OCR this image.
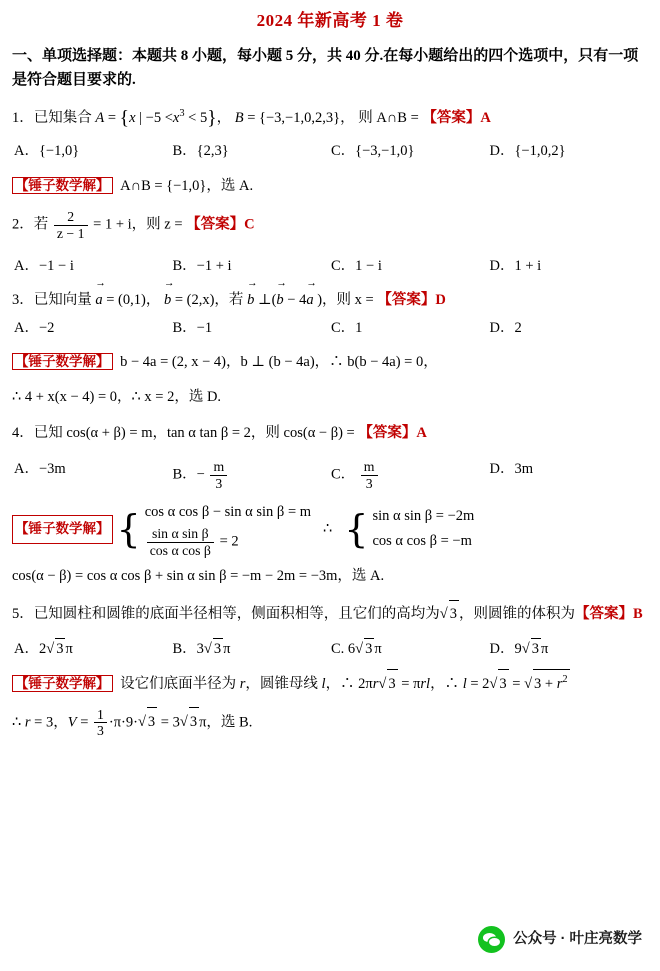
2024 年新高考 1 卷
一、单项选择题：本题共 8 小题，每小题 5 分，共 40 分.在每小题给出的四个选项中，只有一项是符合题目要求的.
1．已知集合 A = {x | $-5 <x^3 < 5$}， B = {−3,−1,0,2,3}， 则 A∩B = 【答案】A
A．{−1,0}	B．{2,3}	C．{−3,−1,0}	D．{−1,0,2}
【锤子数学解】 A∩B = {−1,0}，选 A.
2．若 $\frac{2}{z - 1} = 1 + i$，则 z = 【答案】C
A．−1 − i	B．−1 + i	C．1 − i	D．1 + i
3．已知向量 a → = (0,1)， b → = (2,x)，若 b → ⊥(b → − 4a → )，则 x = 【答案】D
A．−2	B．−1	C．1	D．2
【锤子数学解】 b − 4a = (2, x − 4)，b ⊥ (b − 4a)，∴ b(b − 4a) = 0，
∴ 4 + x(x − 4) = 0，∴ x = 2，选 D.
4．已知 cos(α + β) = m，tan α tan β = 2，则 cos(α − β) = 【答案】A
A．−3m	B．− $\frac{m}{3}$	C． $\frac{m}{3}$	D．3m
【锤子数学解】 { cos α cos β − sin α sin β = m
$\frac{\text{sin α sin β}}{\text{cos α cos β}} = 2$
∴ { sin α sin β = −2m
cos α cos β = −m
cos(α − β) = cos α cos β + sin α sin β = −m − 2m = −3m，选 A.
5．已知圆柱和圆锥的底面半径相等，侧面积相等，且它们的高均为 √ 3 ，则圆锥的体积为【答案】B
A．2 √ 3 π	B．3 √ 3 π	C. 6 √ 3 π	D．9 √ 3 π
【锤子数学解】 设它们底面半径为 r，圆锥母线 l，∴ 2πr √ 3 = πrl，∴ l = 2 √ 3 = √ $3 + r^2$
∴ r = 3，$V = \frac{1}{3} \cdot\pi\cdot 9\cdot$ √ 3 = 3 √ 3 π，选 B.
公众号 · 叶庄亮数学
